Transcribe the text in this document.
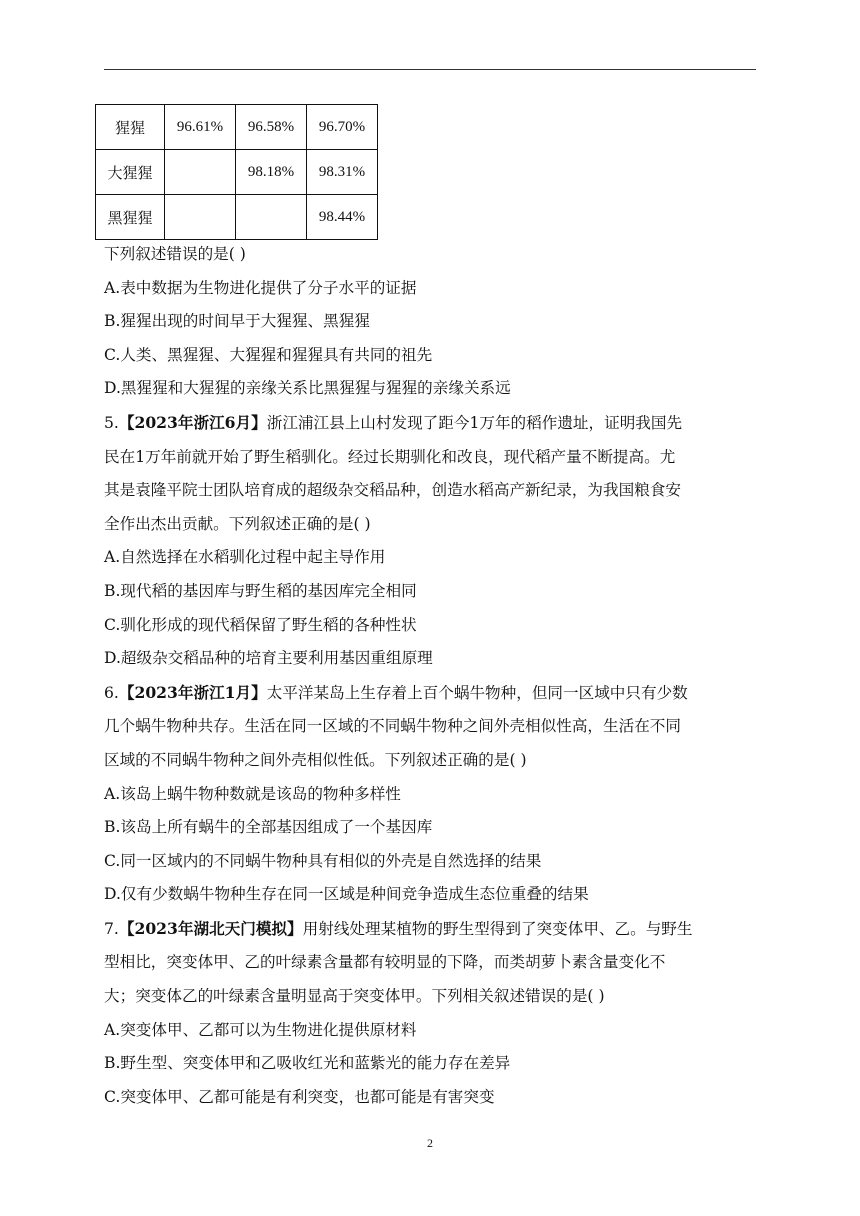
猩猩	96.61%	96.58%	96.70%
大猩猩		98.18%	98.31%
黑猩猩			98.44%

下列叙述错误的是( )

A.表中数据为生物进化提供了分子水平的证据

B.猩猩出现的时间早于大猩猩、黑猩猩

C.人类、黑猩猩、大猩猩和猩猩具有共同的祖先

D.黑猩猩和大猩猩的亲缘关系比黑猩猩与猩猩的亲缘关系远

5.【2023年浙江6月】浙江浦江县上山村发现了距今1万年的稻作遗址，证明我国先

民在1万年前就开始了野生稻驯化。经过长期驯化和改良，现代稻产量不断提高。尤

其是袁隆平院士团队培育成的超级杂交稻品种，创造水稻高产新纪录，为我国粮食安

全作出杰出贡献。下列叙述正确的是( )

A.自然选择在水稻驯化过程中起主导作用

B.现代稻的基因库与野生稻的基因库完全相同

C.驯化形成的现代稻保留了野生稻的各种性状

D.超级杂交稻品种的培育主要利用基因重组原理

6.【2023年浙江1月】太平洋某岛上生存着上百个蜗牛物种，但同一区域中只有少数

几个蜗牛物种共存。生活在同一区域的不同蜗牛物种之间外壳相似性高，生活在不同

区域的不同蜗牛物种之间外壳相似性低。下列叙述正确的是( )

A.该岛上蜗牛物种数就是该岛的物种多样性

B.该岛上所有蜗牛的全部基因组成了一个基因库

C.同一区域内的不同蜗牛物种具有相似的外壳是自然选择的结果

D.仅有少数蜗牛物种生存在同一区域是种间竞争造成生态位重叠的结果

7.【2023年湖北天门模拟】用射线处理某植物的野生型得到了突变体甲、乙。与野生

型相比，突变体甲、乙的叶绿素含量都有较明显的下降，而类胡萝卜素含量变化不

大；突变体乙的叶绿素含量明显高于突变体甲。下列相关叙述错误的是( )

A.突变体甲、乙都可以为生物进化提供原材料

B.野生型、突变体甲和乙吸收红光和蓝紫光的能力存在差异

C.突变体甲、乙都可能是有利突变，也都可能是有害突变

2
